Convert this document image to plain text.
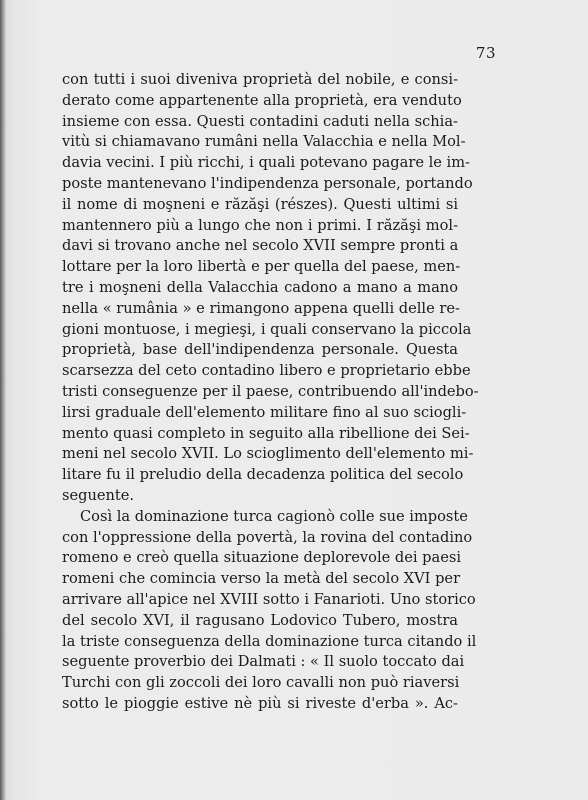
73
con tutti i suoi diveniva proprietà del nobile, e consi-
derato come appartenente alla proprietà, era venduto
insieme con essa. Questi contadini caduti nella schia-
vitù si chiamavano rumâni nella Valacchia e nella Mol-
davia vecini. I più ricchi, i quali potevano pagare le im-
poste mantenevano l'indipendenza personale, portando
il nome di moşneni e răzăşi (részes). Questi ultimi si
mantennero più a lungo che non i primi. I răzăşi mol-
davi si trovano anche nel secolo XVII sempre pronti a
lottare per la loro libertà e per quella del paese, men-
tre i moşneni della Valacchia cadono a mano a mano
nella « rumânia » e rimangono appena quelli delle re-
gioni montuose, i megieşi, i quali conservano la piccola
proprietà, base dell'indipendenza personale. Questa
scarsezza del ceto contadino libero e proprietario ebbe
tristi conseguenze per il paese, contribuendo all'indebo-
lirsi graduale dell'elemento militare fino al suo sciogli-
mento quasi completo in seguito alla ribellione dei Sei-
meni nel secolo XVII. Lo scioglimento dell'elemento mi-
litare fu il preludio della decadenza politica del secolo
seguente.
Così la dominazione turca cagionò colle sue imposte
con l'oppressione della povertà, la rovina del contadino
romeno e creò quella situazione deplorevole dei paesi
romeni che comincia verso la metà del secolo XVI per
arrivare all'apice nel XVIII sotto i Fanarioti. Uno storico
del secolo XVI, il ragusano Lodovico Tubero, mostra
la triste conseguenza della dominazione turca citando il
seguente proverbio dei Dalmati : « Il suolo toccato dai
Turchi con gli zoccoli dei loro cavalli non può riaversi
sotto le pioggie estive nè più si riveste d'erba ». Ac-
